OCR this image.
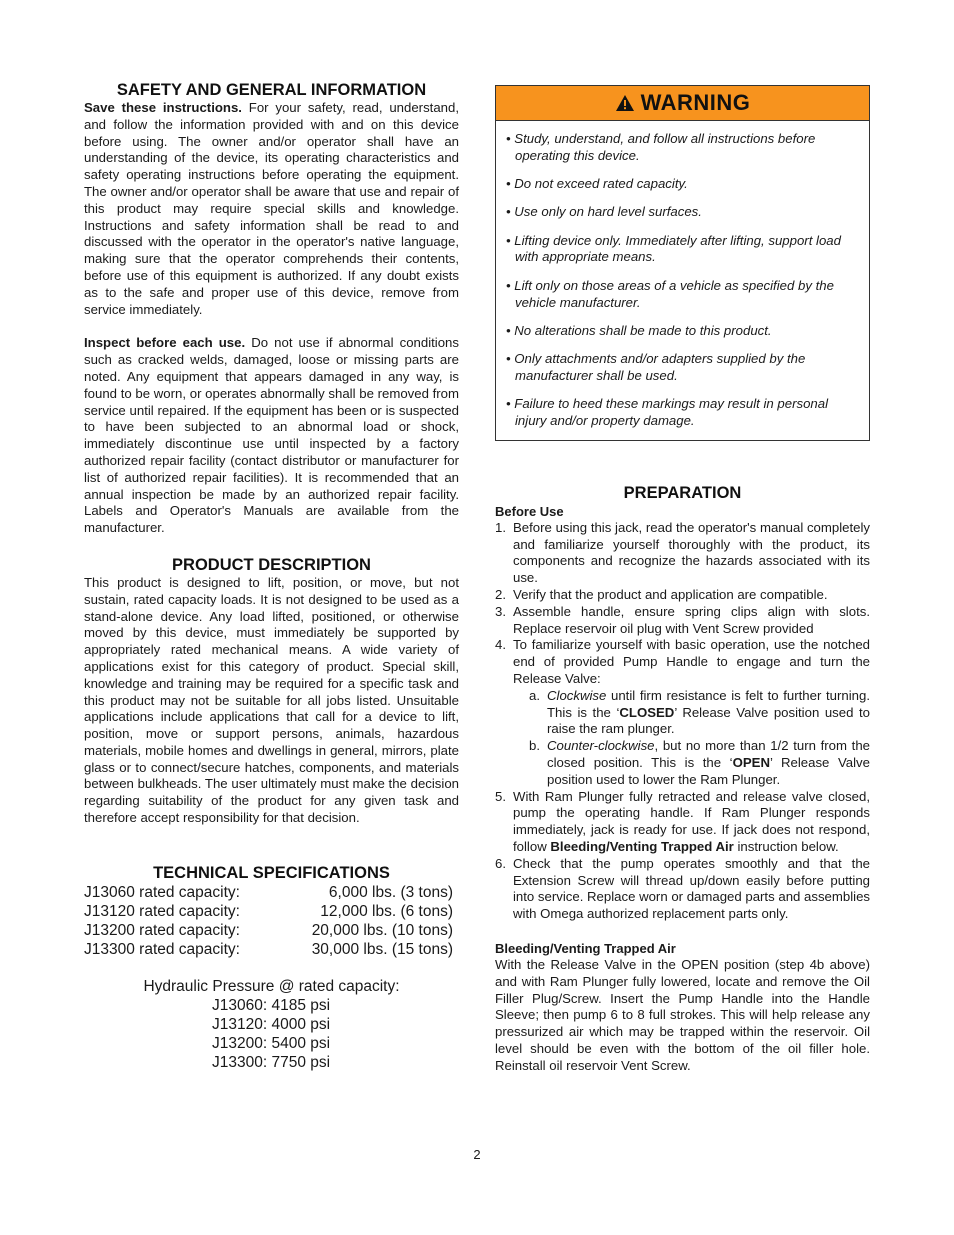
SAFETY AND GENERAL INFORMATION

Save these instructions. For your safety, read, understand, and follow the information provided with and on this device before using. The owner and/or operator shall have an understanding of the device, its operating characteristics and safety operating instructions before operating the equipment. The owner and/or operator shall be aware that use and repair of this product may require special skills and knowledge. Instructions and safety information shall be read to and discussed with the operator in the operator's native language, making sure that the operator comprehends their contents, before use of this equipment is authorized. If any doubt exists as to the safe and proper use of this device, remove from service immediately.

Inspect before each use. Do not use if abnormal conditions such as cracked welds, damaged, loose or missing parts are noted. Any equipment that appears damaged in any way, is found to be worn, or operates abnormally shall be removed from service until repaired. If the equipment has been or is suspected to have been subjected to an abnormal load or shock, immediately discontinue use until inspected by a factory authorized repair facility (contact distributor or manufacturer for list of authorized repair facilities). It is recommended that an annual inspection be made by an authorized repair facility. Labels and Operator's Manuals are available from the manufacturer.

PRODUCT DESCRIPTION

This product is designed to lift, position, or move, but not sustain, rated capacity loads. It is not designed to be used as a stand-alone device. Any load lifted, positioned, or otherwise moved by this device, must immediately be supported by appropriately rated mechanical means. A wide variety of applications exist for this category of product. Special skill, knowledge and training may be required for a specific task and this product may not be suitable for all jobs listed. Unsuitable applications include applications that call for a device to lift, position, move or support persons, animals, hazardous materials, mobile homes and dwellings in general, mirrors, plate glass or to connect/secure hatches, components, and materials between bulkheads. The user ultimately must make the decision regarding suitability of the product for any given task and therefore accept responsibility for that decision.

TECHNICAL SPECIFICATIONS
J13060 rated capacity:	6,000 lbs. (3 tons)
J13120 rated capacity:	12,000 lbs. (6 tons)
J13200 rated capacity:	20,000 lbs. (10 tons)
J13300 rated capacity:	30,000 lbs. (15 tons)
Hydraulic Pressure @ rated capacity:
J13060: 4185 psi
J13120: 4000 psi
J13200: 5400 psi
J13300: 7750 psi
WARNING
• Study, understand, and follow all instructions before operating this device.
• Do not exceed rated capacity.
• Use only on hard level surfaces.
• Lifting device only. Immediately after lifting, support load with appropriate means.
• Lift only on those areas of a vehicle as specified by the vehicle manufacturer.
• No alterations shall be made to this product.
• Only attachments and/or adapters supplied by the manufacturer shall be used.
• Failure to heed these markings may result in personal injury and/or property damage.
PREPARATION
Before Use
1. Before using this jack, read the operator's manual completely and familiarize yourself thoroughly with the product, its components and recognize the hazards associated with its use.
2. Verify that the product and application are compatible.
3. Assemble handle, ensure spring clips align with slots. Replace reservoir oil plug with Vent Screw provided
4. To familiarize yourself with basic operation, use the notched end of provided Pump Handle to engage and turn the Release Valve:
a. Clockwise until firm resistance is felt to further turning. This is the ‘CLOSED’ Release Valve position used to raise the ram plunger.
b. Counter-clockwise, but no more than 1/2 turn from the closed position. This is the ‘OPEN’ Release Valve position used to lower the Ram Plunger.
5. With Ram Plunger fully retracted and release valve closed, pump the operating handle. If Ram Plunger responds immediately, jack is ready for use. If jack does not respond, follow Bleeding/Venting Trapped Air instruction below.
6. Check that the pump operates smoothly and that the Extension Screw will thread up/down easily before putting into service. Replace worn or damaged parts and assemblies with Omega authorized replacement parts only.
Bleeding/Venting Trapped Air

With the Release Valve in the OPEN position (step 4b above) and with Ram Plunger fully lowered, locate and remove the Oil Filler Plug/Screw. Insert the Pump Handle into the Handle Sleeve; then pump 6 to 8 full strokes. This will help release any pressurized air which may be trapped within the reservoir. Oil level should be even with the bottom of the oil filler hole. Reinstall oil reservoir Vent Screw.

2
